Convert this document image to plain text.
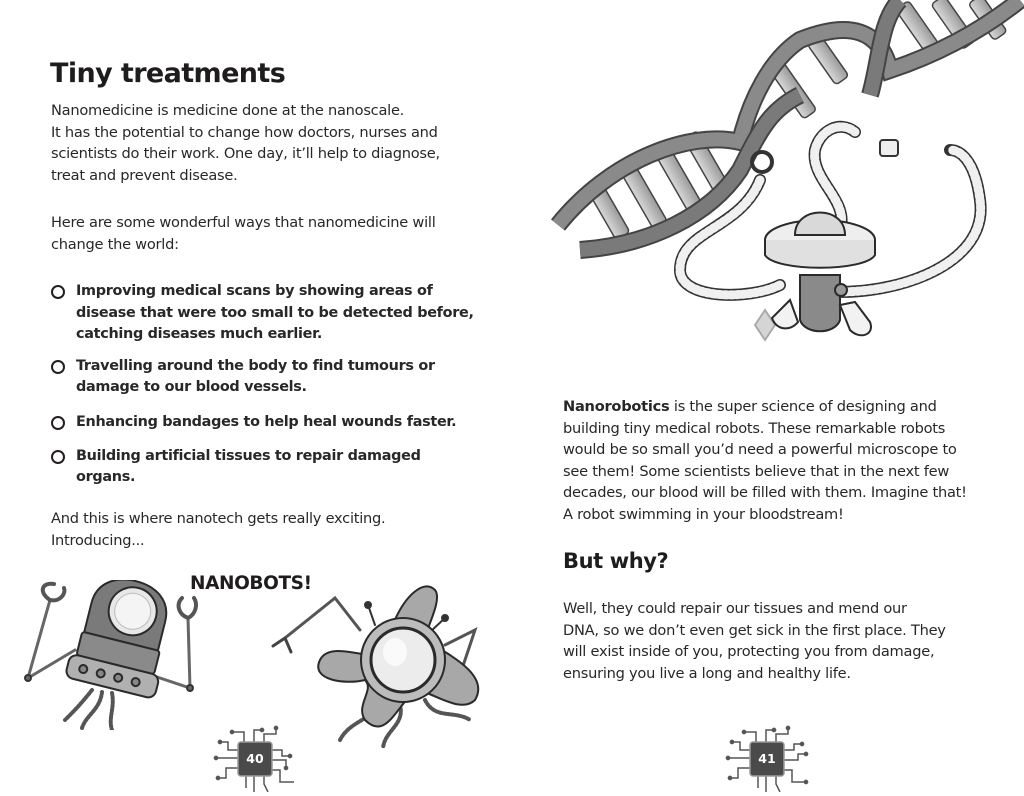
Tiny treatments

Nanomedicine is medicine done at the nanoscale.
It has the potential to change how doctors, nurses and
scientists do their work. One day, it’ll help to diagnose,
treat and prevent disease.

Here are some wonderful ways that nanomedicine will
change the world:

Improving medical scans by showing areas of
disease that were too small to be detected before,
catching diseases much earlier.
Travelling around the body to find tumours or
damage to our blood vessels.
Enhancing bandages to help heal wounds faster.
Building artificial tissues to repair damaged organs.

And this is where nanotech gets really exciting.
Introducing...

NANOBOTS!
40

Nanorobotics is the super science of designing and
building tiny medical robots. These remarkable robots
would be so small you’d need a powerful microscope to
see them! Some scientists believe that in the next few
decades, our blood will be filled with them. Imagine that!
A robot swimming in your bloodstream!

But why?

Well, they could repair our tissues and mend our
DNA, so we don’t even get sick in the first place. They
will exist inside of you, protecting you from damage,
ensuring you live a long and healthy life.

41
